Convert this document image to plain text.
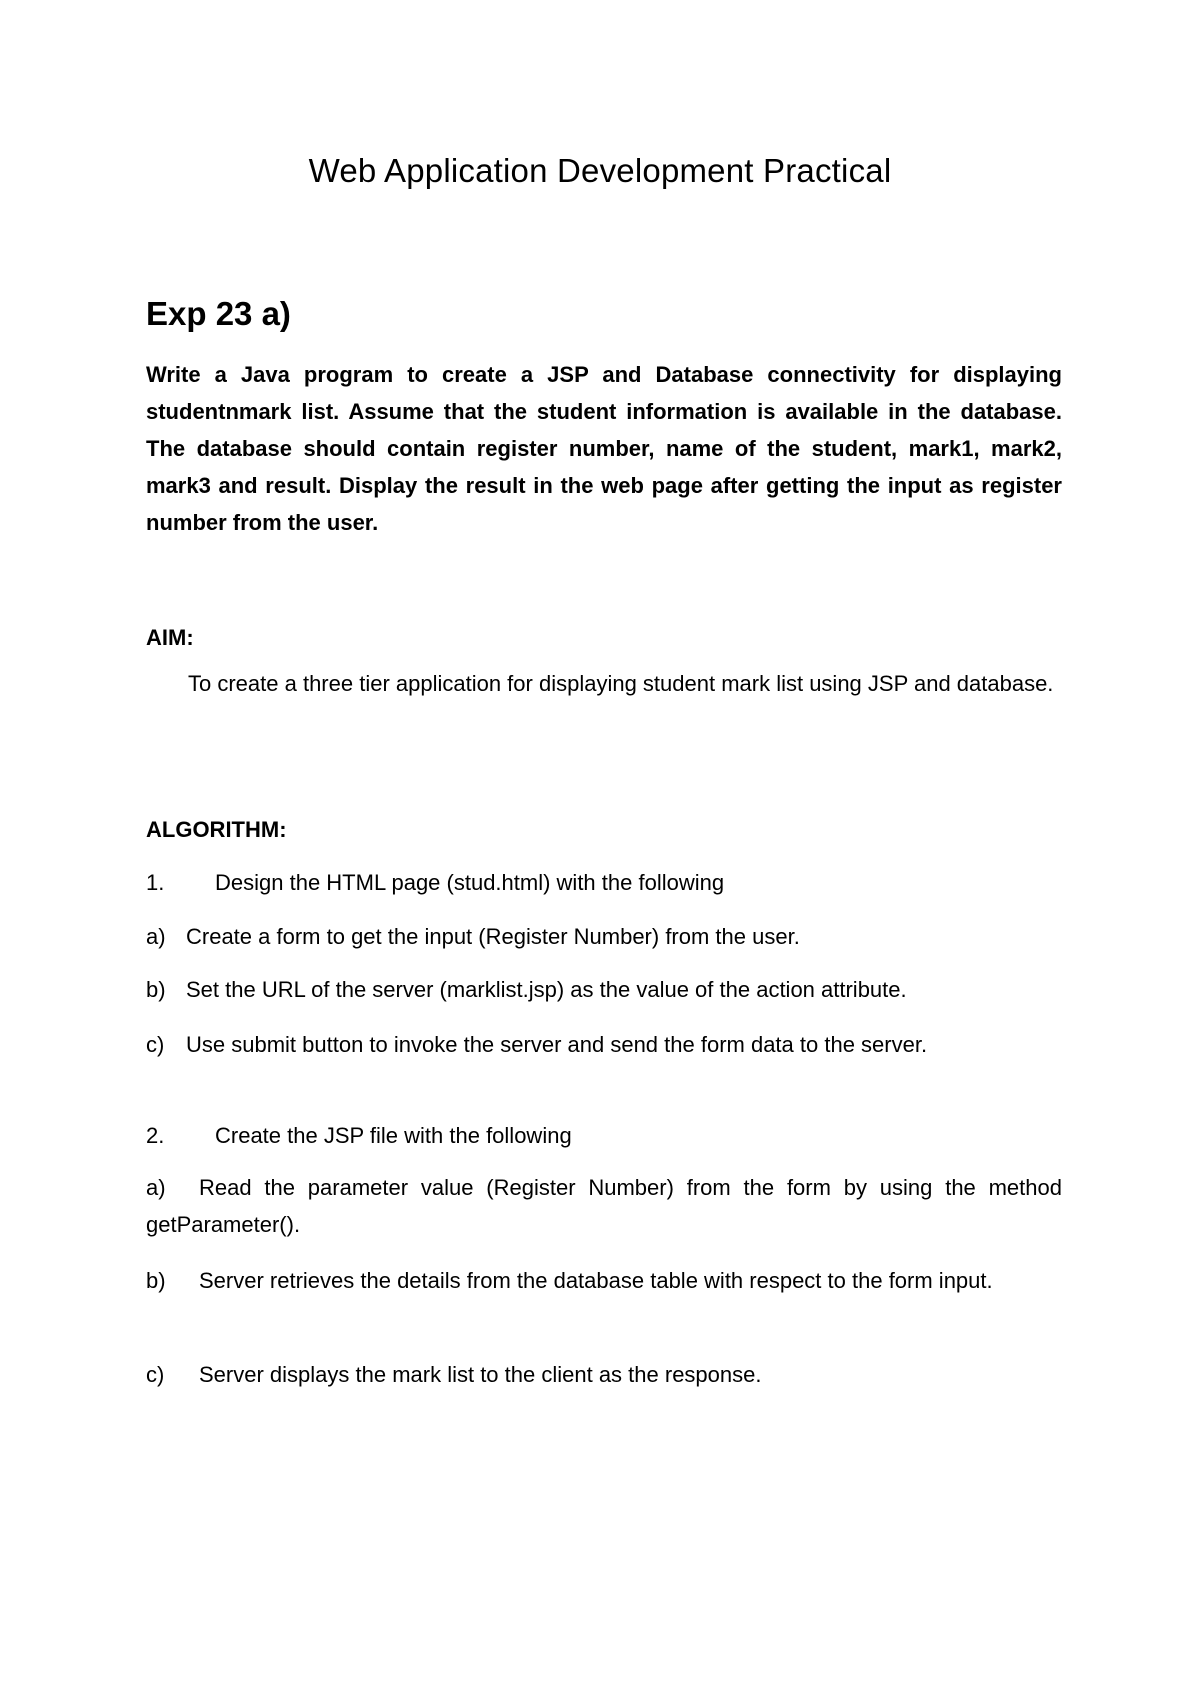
Web Application Development Practical
Exp 23 a)

Write a Java program to create a JSP and Database connectivity for displaying studentnmark list. Assume that the student information is available in the database. The database should contain register number, name of the student, mark1, mark2, mark3 and result. Display the result in the web page after getting the input as register number from the user.

AIM:

To create a three tier application for displaying student mark list using JSP and database.

ALGORITHM:

1. Design the HTML page (stud.html) with the following

a) Create a form to get the input (Register Number) from the user.

b) Set the URL of the server (marklist.jsp) as the value of the action attribute.

c) Use submit button to invoke the server and send the form data to the server.

2. Create the JSP file with the following

a) Read the parameter value (Register Number) from the form by using the method getParameter().

b) Server retrieves the details from the database table with respect to the form input.

c) Server displays the mark list to the client as the response.
